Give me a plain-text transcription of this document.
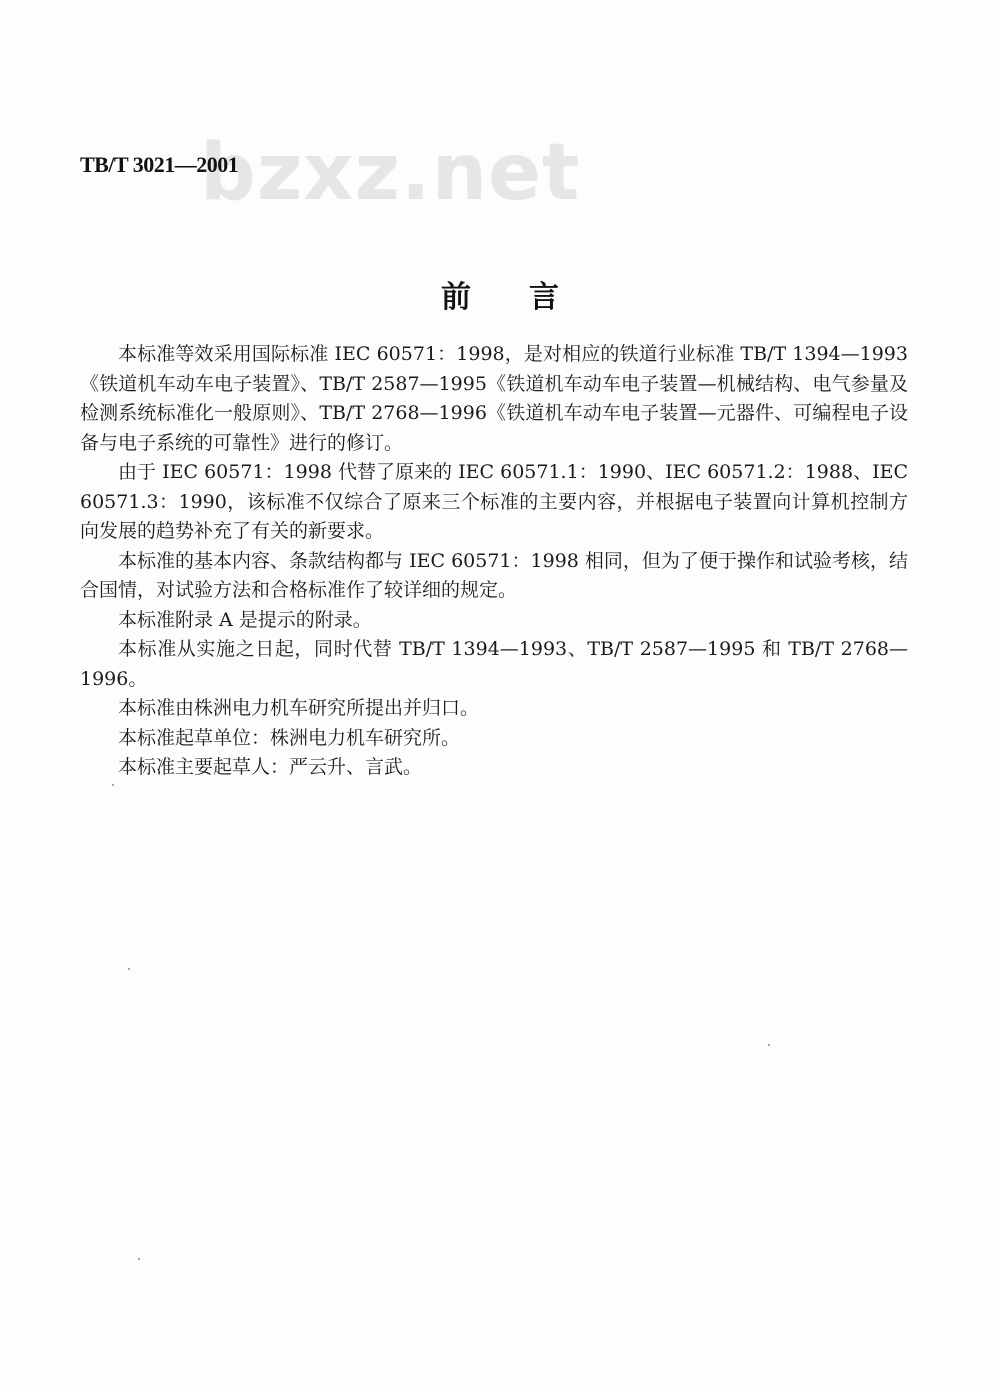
bzxz.net
TB/T 3021—2001
前言

本标准等效采用国际标准 IEC 60571：1998，是对相应的铁道行业标准 TB/T 1394—1993《铁道机车动车电子装置》、TB/T 2587—1995《铁道机车动车电子装置—机械结构、电气参量及检测系统标准化一般原则》、TB/T 2768—1996《铁道机车动车电子装置—元器件、可编程电子设备与电子系统的可靠性》进行的修订。

由于 IEC 60571：1998 代替了原来的 IEC 60571.1：1990、IEC 60571.2：1988、IEC 60571.3：1990，该标准不仅综合了原来三个标准的主要内容，并根据电子装置向计算机控制方向发展的趋势补充了有关的新要求。

本标准的基本内容、条款结构都与 IEC 60571：1998 相同，但为了便于操作和试验考核，结合国情，对试验方法和合格标准作了较详细的规定。

本标准附录 A 是提示的附录。

本标准从实施之日起，同时代替 TB/T 1394—1993、TB/T 2587—1995 和 TB/T 2768—1996。

本标准由株洲电力机车研究所提出并归口。

本标准起草单位：株洲电力机车研究所。

本标准主要起草人：严云升、言武。
